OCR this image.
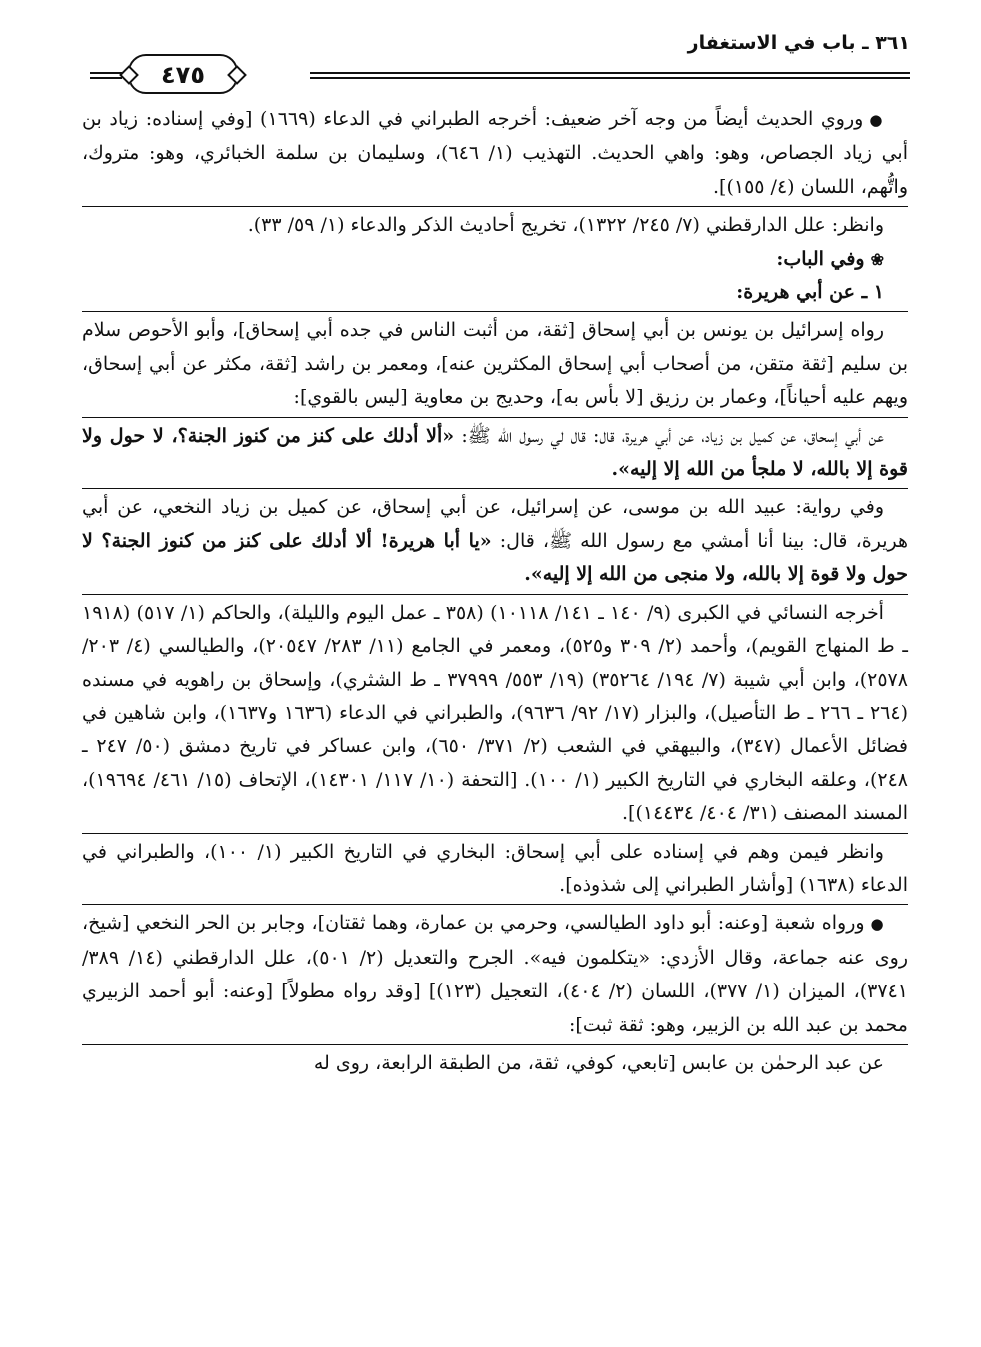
٣٦١ ـ باب في الاستغفار
٤٧٥

●وروي الحديث أيضاً من وجه آخر ضعيف: أخرجه الطبراني في الدعاء (١٦٦٩) [وفي إسناده: زياد بن أبي زياد الجصاص، وهو: واهي الحديث. التهذيب (١/ ٦٤٦)، وسليمان بن سلمة الخبائري، وهو: متروك، واتُّهم، اللسان (٤/ ١٥٥)].

وانظر: علل الدارقطني (٧/ ٢٤٥/ ١٣٢٢)، تخريج أحاديث الذكر والدعاء (١/ ٥٩/ ٣٣).

❀وفي الباب:

١ ـ عن أبي هريرة:

رواه إسرائيل بن يونس بن أبي إسحاق [ثقة، من أثبت الناس في جده أبي إسحاق]، وأبو الأحوص سلام بن سليم [ثقة متقن، من أصحاب أبي إسحاق المكثرين عنه]، ومعمر بن راشد [ثقة، مكثر عن أبي إسحاق، ويهم عليه أحياناً]، وعمار بن رزيق [لا بأس به]، وحديج بن معاوية [ليس بالقوي]:

عن أبي إسحاق، عن كميل بن زياد، عن أبي هريرة، قال: قال لي رسول الله ﷺ: «ألا أدلك على كنز من كنوز الجنة؟، لا حول ولا قوة إلا بالله، لا ملجأ من الله إلا إليه».

وفي رواية: عبيد الله بن موسى، عن إسرائيل، عن أبي إسحاق، عن كميل بن زياد النخعي، عن أبي هريرة، قال: بينا أنا أمشي مع رسول الله ﷺ، قال: «يا أبا هريرة! ألا أدلك على كنز من كنوز الجنة؟ لا حول ولا قوة إلا بالله، ولا منجى من الله إلا إليه».

أخرجه النسائي في الكبرى (٩/ ١٤٠ ـ ١٤١/ ١٠١١٨) (٣٥٨ ـ عمل اليوم والليلة)، والحاكم (١/ ٥١٧) (١٩١٨ ـ ط المنهاج القويم)، وأحمد (٢/ ٣٠٩ و٥٢٥)، ومعمر في الجامع (١١/ ٢٨٣/ ٢٠٥٤٧)، والطيالسي (٤/ ٢٠٣/ ٢٥٧٨)، وابن أبي شيبة (٧/ ١٩٤/ ٣٥٢٦٤) (١٩/ ٥٥٣/ ٣٧٩٩٩ ـ ط الشثري)، وإسحاق بن راهويه في مسنده (٢٦٤ ـ ٢٦٦ ـ ط التأصيل)، والبزار (١٧/ ٩٢/ ٩٦٣٦)، والطبراني في الدعاء (١٦٣٦ و١٦٣٧)، وابن شاهين في فضائل الأعمال (٣٤٧)، والبيهقي في الشعب (٢/ ٣٧١/ ٦٥٠)، وابن عساكر في تاريخ دمشق (٥٠/ ٢٤٧ ـ ٢٤٨)، وعلقه البخاري في التاريخ الكبير (١/ ١٠٠). [التحفة (١٠/ ١١٧/ ١٤٣٠١)، الإتحاف (١٥/ ٤٦١/ ١٩٦٩٤)، المسند المصنف (٣١/ ٤٠٤/ ١٤٤٣٤)].

وانظر فيمن وهم في إسناده على أبي إسحاق: البخاري في التاريخ الكبير (١/ ١٠٠)، والطبراني في الدعاء (١٦٣٨) [وأشار الطبراني إلى شذوذه].

●ورواه شعبة [وعنه: أبو داود الطيالسي، وحرمي بن عمارة، وهما ثقتان]، وجابر بن الحر النخعي [شيخ، روى عنه جماعة، وقال الأزدي: «يتكلمون فيه». الجرح والتعديل (٢/ ٥٠١)، علل الدارقطني (١٤/ ٣٨٩/ ٣٧٤١)، الميزان (١/ ٣٧٧)، اللسان (٢/ ٤٠٤)، التعجيل (١٢٣)] [وقد رواه مطولاً] [وعنه: أبو أحمد الزبيري محمد بن عبد الله بن الزبير، وهو: ثقة ثبت]:

عن عبد الرحمٰن بن عابس [تابعي، كوفي، ثقة، من الطبقة الرابعة، روى له
